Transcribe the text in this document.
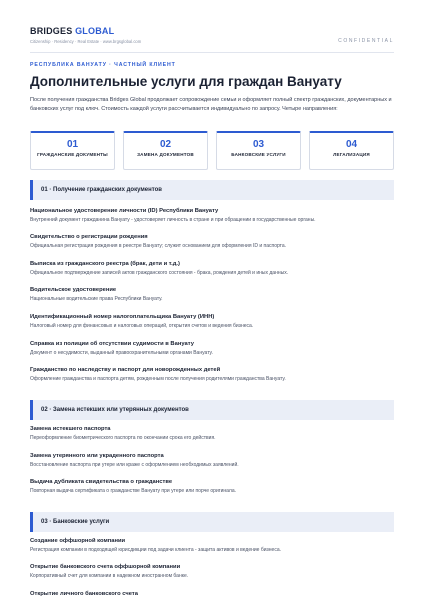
BRIDGES GLOBAL
Citizenship · Residency · Real Estate · www.brgsglobal.com	CONFIDENTIAL
РЕСПУБЛИКА ВАНУАТУ · ЧАСТНЫЙ КЛИЕНТ
Дополнительные услуги для граждан Вануату
После получения гражданства Bridges Global продолжает сопровождение семьи и оформляет полный спектр гражданских, документарных и банковских услуг под ключ. Стоимость каждой услуги рассчитывается индивидуально по запросу. Четыре направления:
01
ГРАЖДАНСКИЕ ДОКУМЕНТЫ
02
ЗАМЕНА ДОКУМЕНТОВ
03
БАНКОВСКИЕ УСЛУГИ
04
ЛЕГАЛИЗАЦИЯ
01 · Получение гражданских документов
Национальное удостоверение личности (ID) Республики Вануату
Внутренний документ гражданина Вануату - удостоверяет личность в стране и при обращении в государственные органы.
Свидетельство о регистрации рождения
Официальная регистрация рождения в реестре Вануату; служит основанием для оформления ID и паспорта.
Выписка из гражданского реестра (брак, дети и т.д.)
Официальное подтверждение записей актов гражданского состояния - брака, рождения детей и иных данных.
Водительское удостоверение
Национальные водительские права Республики Вануату.
Идентификационный номер налогоплательщика Вануату (ИНН)
Налоговый номер для финансовых и налоговых операций, открытия счетов и ведения бизнеса.
Справка из полиции об отсутствии судимости в Вануату
Документ о несудимости, выданный правоохранительными органами Вануату.
Гражданство по наследству и паспорт для новорожденных детей
Оформление гражданства и паспорта детям, рожденным после получения родителями гражданства Вануату.
02 · Замена истекших или утерянных документов
Замена истекшего паспорта
Переоформление биометрического паспорта по окончании срока его действия.
Замена утерянного или украденного паспорта
Восстановление паспорта при утере или краже с оформлением необходимых заявлений.
Выдача дубликата свидетельства о гражданстве
Повторная выдача сертификата о гражданстве Вануату при утере или порче оригинала.
03 · Банковские услуги
Создание оффшорной компании
Регистрация компании в подходящей юрисдикции под задачи клиента - защита активов и ведение бизнеса.
Открытие банковского счета оффшорной компании
Корпоративный счет для компании в надежном иностранном банке.
Открытие личного банковского счета
